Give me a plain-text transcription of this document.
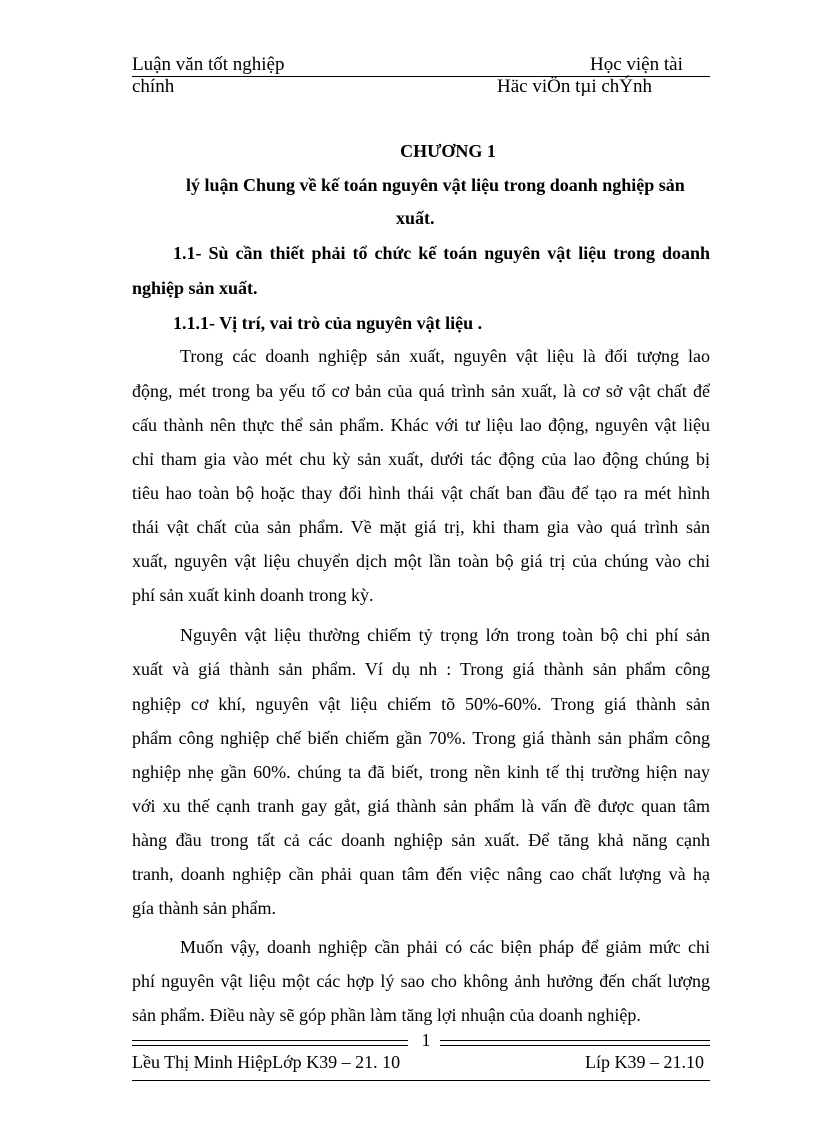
Luận văn tốt nghiệp	Học viện tài
chính	Häc viÖn tµi chÝnh
CHƯƠNG 1
lý luận Chung về kế toán nguyên vật liệu trong doanh nghiệp sản
xuất.
1.1- Sù cần thiết phải tổ chức kế toán nguyên vật liệu trong doanh
nghiệp sản xuất.
1.1.1- Vị trí, vai trò của nguyên vật liệu .
Trong các doanh nghiệp sản xuất, nguyên vật liệu là đối tượng lao
động, mét trong ba yếu tố cơ bản của quá trình sản xuất, là cơ sở vật chất để
cấu thành nên thực thể sản phẩm. Khác với tư liệu lao động, nguyên vật liệu
chỉ tham gia vào mét chu kỳ sản xuất, dưới tác động của lao động chúng bị
tiêu hao toàn bộ hoặc thay đổi hình thái vật chất ban đầu để tạo ra mét hình
thái vật chất của sản phẩm. Về mặt giá trị, khi tham gia vào quá trình sản
xuất, nguyên vật liệu chuyển dịch một lần toàn bộ giá trị của chúng vào chi
phí sản xuất kinh doanh trong kỳ.
Nguyên vật liệu thường chiếm tỷ trọng lớn trong toàn bộ chi phí sản
xuất và giá thành sản phẩm. Ví dụ nh : Trong giá thành sản phẩm công
nghiệp cơ khí, nguyên vật liệu chiếm tõ 50%-60%. Trong giá thành sản
phẩm công nghiệp chế biến chiếm gần 70%. Trong giá thành sản phẩm công
nghiệp nhẹ gần 60%. chúng ta đã biết, trong nền kinh tế thị trường hiện nay
với xu thế cạnh tranh gay gắt, giá thành sản phẩm là vấn đề được quan tâm
hàng đầu trong tất cả các doanh nghiệp sản xuất. Để tăng khả năng cạnh
tranh, doanh nghiệp cần phải quan tâm đến việc nâng cao chất lượng và hạ
gía thành sản phẩm.
Muốn vậy, doanh nghiệp cần phải có các biện pháp để giảm mức chi
phí nguyên vật liệu một các hợp lý sao cho không ảnh hưởng đến chất lượng
sản phẩm. Điều này sẽ góp phần làm tăng lợi nhuận của doanh nghiệp.
1
Lều Thị Minh HiệpLớp K39 – 21. 10	Líp K39 – 21.10
